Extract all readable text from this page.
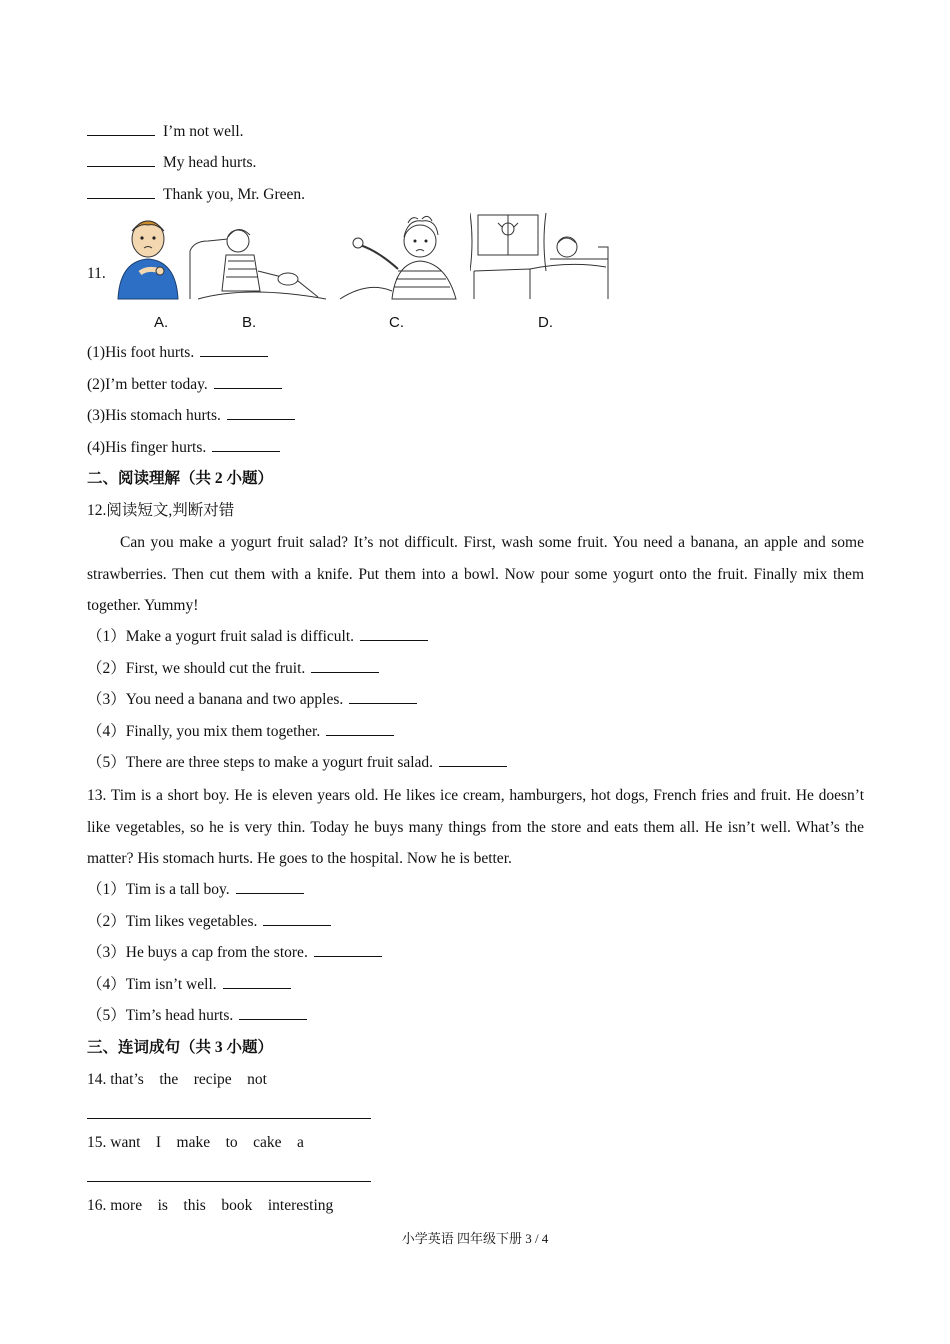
I’m not well.
My head hurts.
Thank you, Mr. Green.
11.
A.	B.	C.	D.
(1)His foot hurts.
(2)I’m better today.
(3)His stomach hurts.
(4)His finger hurts.
二、阅读理解（共 2 小题）
12.阅读短文,判断对错
Can you make a yogurt fruit salad? It’s not difficult. First, wash some fruit. You need a banana, an apple and some strawberries. Then cut them with a knife. Put them into a bowl. Now pour some yogurt onto the fruit. Finally mix them together. Yummy!
（1）Make a yogurt fruit salad is difficult.
（2）First, we should cut the fruit.
（3）You need a banana and two apples.
（4）Finally, you mix them together.
（5）There are three steps to make a yogurt fruit salad.
13. Tim is a short boy. He is eleven years old. He likes ice cream, hamburgers, hot dogs, French fries and fruit. He doesn’t like vegetables, so he is very thin. Today he buys many things from the store and eats them all. He isn’t well. What’s the matter? His stomach hurts. He goes to the hospital. Now he is better.
（1）Tim is a tall boy.
（2）Tim likes vegetables.
（3）He buys a cap from the store.
（4）Tim isn’t well.
（5）Tim’s head hurts.
三、连词成句（共 3 小题）
14. that’s    the    recipe    not
15. want    I    make    to    cake    a
16. more    is    this    book    interesting
小学英语 四年级下册 3 / 4
